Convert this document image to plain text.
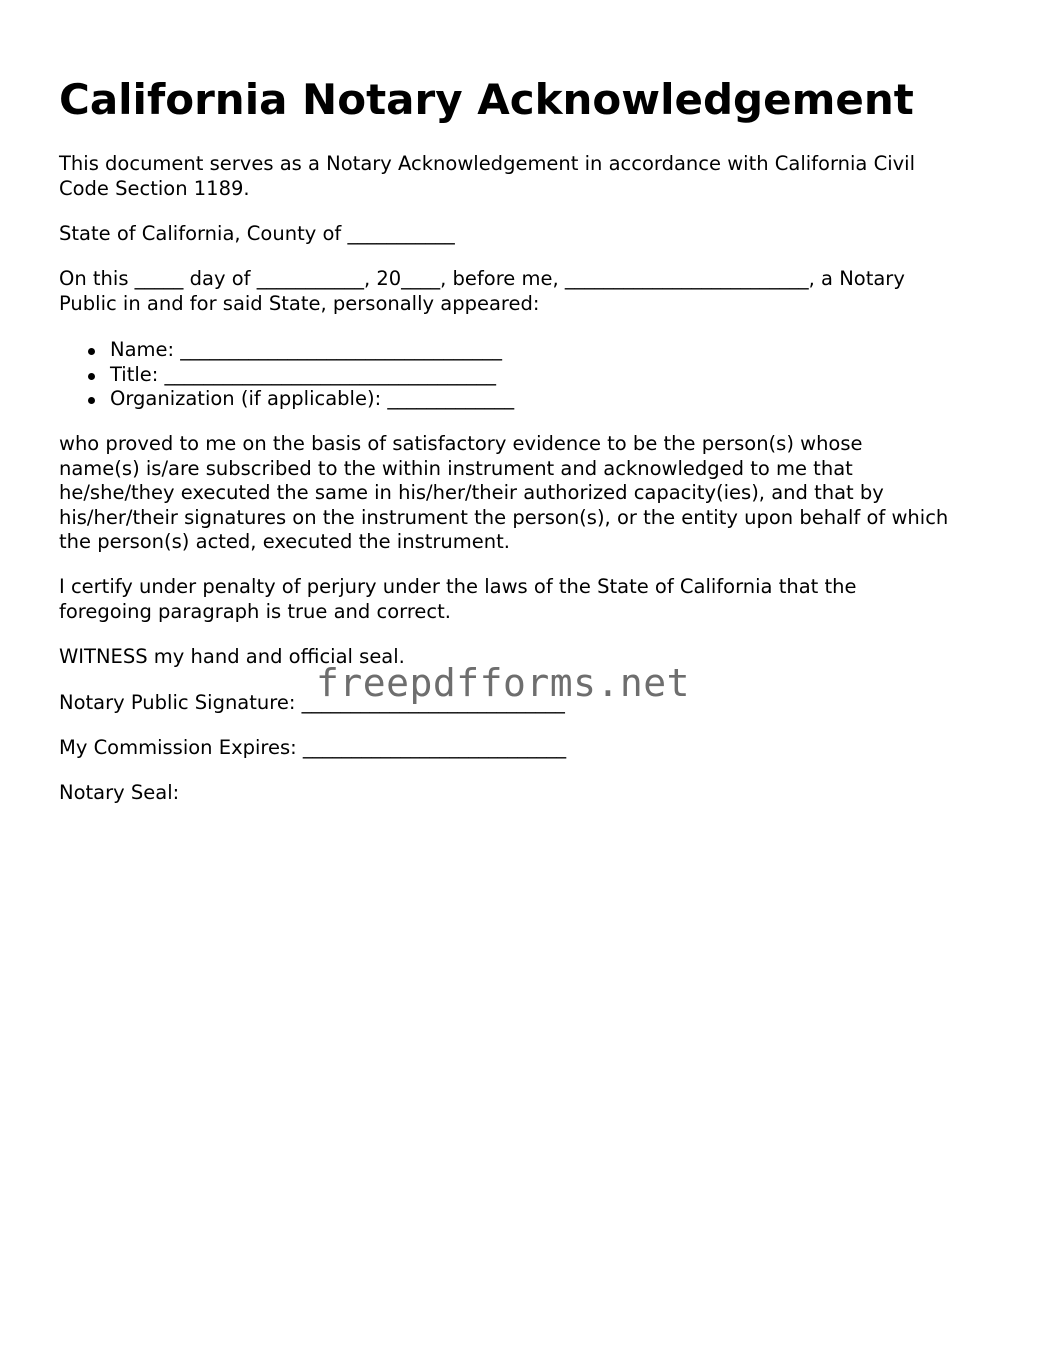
California Notary Acknowledgement

This document serves as a Notary Acknowledgement in accordance with California Civil
Code Section 1189.

State of California, County of ___________

On this _____ day of ___________, 20____, before me, _________________________, a Notary
Public in and for said State, personally appeared:

Name: _________________________________
Title: __________________________________
Organization (if applicable): _____________

who proved to me on the basis of satisfactory evidence to be the person(s) whose
name(s) is/are subscribed to the within instrument and acknowledged to me that
he/she/they executed the same in his/her/their authorized capacity(ies), and that by
his/her/their signatures on the instrument the person(s), or the entity upon behalf of which
the person(s) acted, executed the instrument.

I certify under penalty of perjury under the laws of the State of California that the
foregoing paragraph is true and correct.

WITNESS my hand and official seal.

Notary Public Signature: ___________________________

My Commission Expires: ___________________________

Notary Seal:

freepdfforms.net
